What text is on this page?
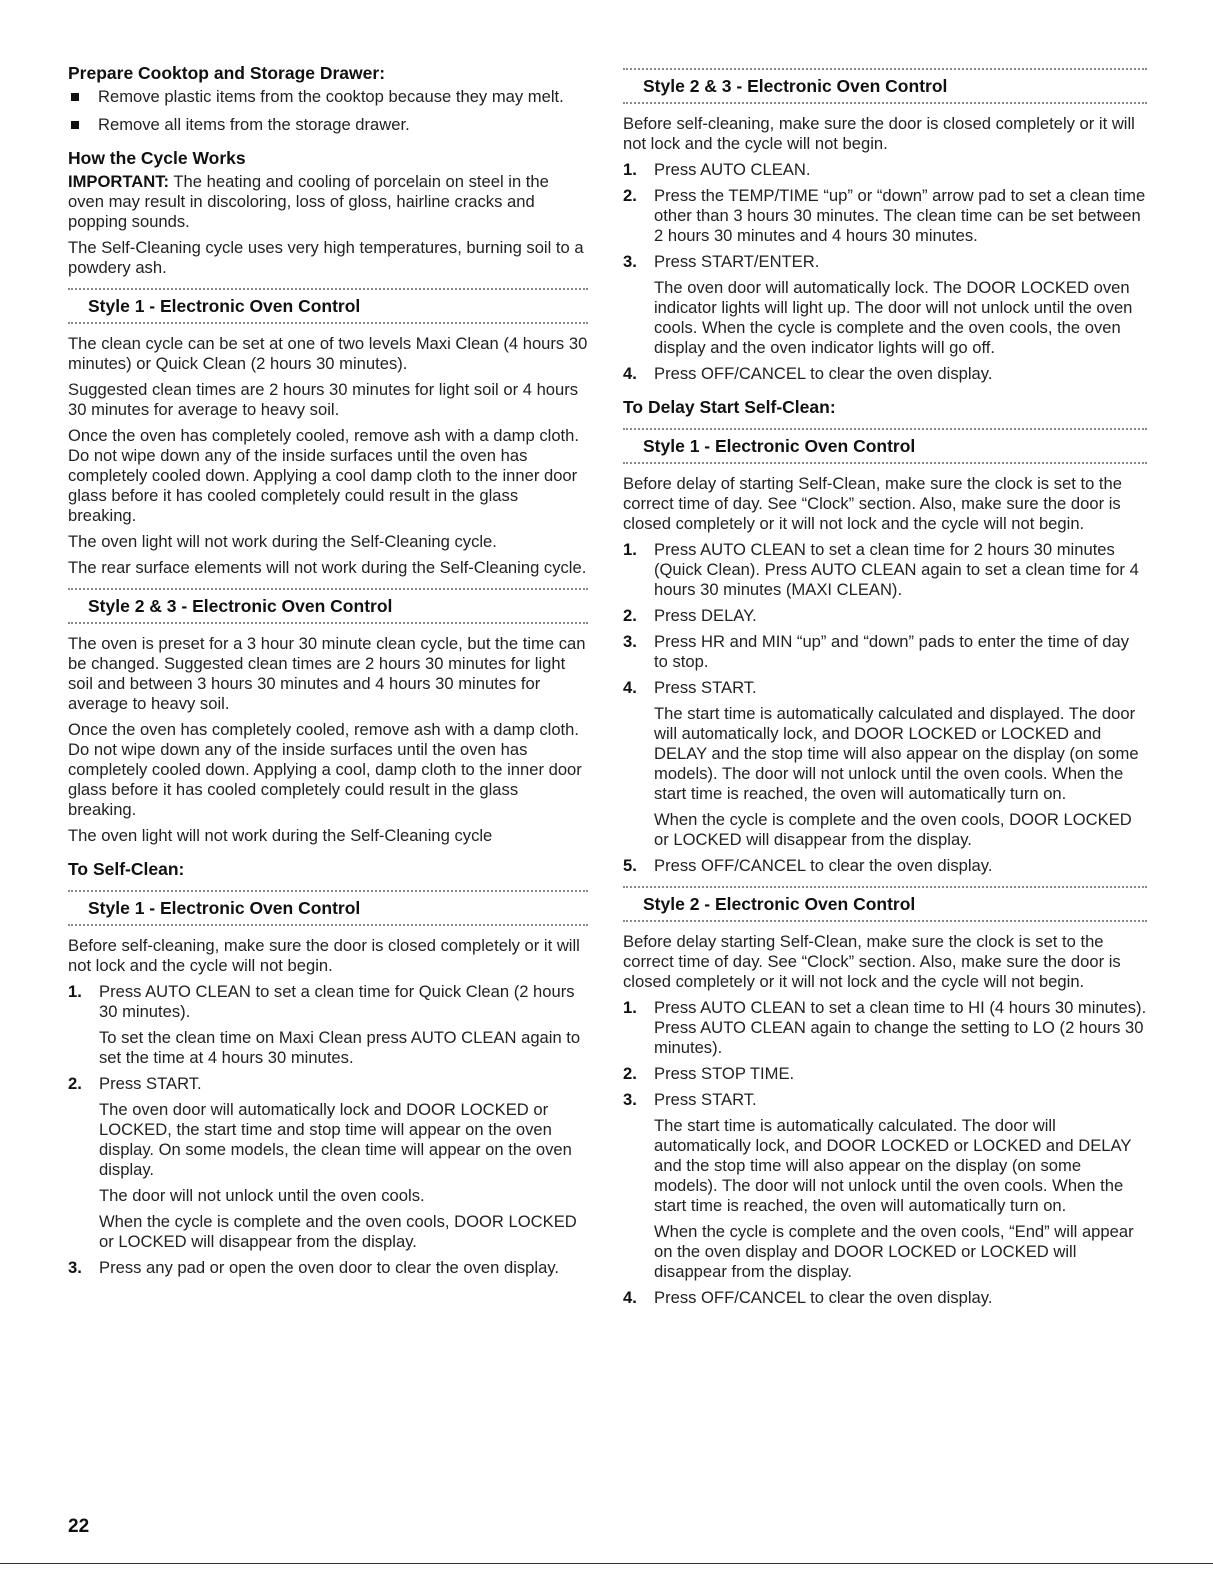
Prepare Cooktop and Storage Drawer:
Remove plastic items from the cooktop because they may melt.
Remove all items from the storage drawer.
How the Cycle Works

IMPORTANT: The heating and cooling of porcelain on steel in the oven may result in discoloring, loss of gloss, hairline cracks and popping sounds.

The Self-Cleaning cycle uses very high temperatures, burning soil to a powdery ash.

Style 1 - Electronic Oven Control

The clean cycle can be set at one of two levels Maxi Clean (4 hours 30 minutes) or Quick Clean (2 hours 30 minutes).

Suggested clean times are 2 hours 30 minutes for light soil or 4 hours 30 minutes for average to heavy soil.

Once the oven has completely cooled, remove ash with a damp cloth. Do not wipe down any of the inside surfaces until the oven has completely cooled down. Applying a cool damp cloth to the inner door glass before it has cooled completely could result in the glass breaking.

The oven light will not work during the Self-Cleaning cycle.

The rear surface elements will not work during the Self-Cleaning cycle.

Style 2 & 3 - Electronic Oven Control

The oven is preset for a 3 hour 30 minute clean cycle, but the time can be changed. Suggested clean times are 2 hours 30 minutes for light soil and between 3 hours 30 minutes and 4 hours 30 minutes for average to heavy soil.

Once the oven has completely cooled, remove ash with a damp cloth. Do not wipe down any of the inside surfaces until the oven has completely cooled down. Applying a cool, damp cloth to the inner door glass before it has cooled completely could result in the glass breaking.

The oven light will not work during the Self-Cleaning cycle

To Self-Clean:
Style 1 - Electronic Oven Control

Before self-cleaning, make sure the door is closed completely or it will not lock and the cycle will not begin.

1. Press AUTO CLEAN to set a clean time for Quick Clean (2 hours 30 minutes).
To set the clean time on Maxi Clean press AUTO CLEAN again to set the time at 4 hours 30 minutes.
2. Press START.
The oven door will automatically lock and DOOR LOCKED or LOCKED, the start time and stop time will appear on the oven display. On some models, the clean time will appear on the oven display.
The door will not unlock until the oven cools.
When the cycle is complete and the oven cools, DOOR LOCKED or LOCKED will disappear from the display.
3. Press any pad or open the oven door to clear the oven display.
Style 2 & 3 - Electronic Oven Control

Before self-cleaning, make sure the door is closed completely or it will not lock and the cycle will not begin.

1. Press AUTO CLEAN.
2. Press the TEMP/TIME “up” or “down” arrow pad to set a clean time other than 3 hours 30 minutes. The clean time can be set between 2 hours 30 minutes and 4 hours 30 minutes.
3. Press START/ENTER.
The oven door will automatically lock. The DOOR LOCKED oven indicator lights will light up. The door will not unlock until the oven cools. When the cycle is complete and the oven cools, the oven display and the oven indicator lights will go off.
4. Press OFF/CANCEL to clear the oven display.
To Delay Start Self-Clean:
Style 1 - Electronic Oven Control

Before delay of starting Self-Clean, make sure the clock is set to the correct time of day. See “Clock” section. Also, make sure the door is closed completely or it will not lock and the cycle will not begin.

1. Press AUTO CLEAN to set a clean time for 2 hours 30 minutes (Quick Clean). Press AUTO CLEAN again to set a clean time for 4 hours 30 minutes (MAXI CLEAN).
2. Press DELAY.
3. Press HR and MIN “up” and “down” pads to enter the time of day to stop.
4. Press START.
The start time is automatically calculated and displayed. The door will automatically lock, and DOOR LOCKED or LOCKED and DELAY and the stop time will also appear on the display (on some models). The door will not unlock until the oven cools. When the start time is reached, the oven will automatically turn on.
When the cycle is complete and the oven cools, DOOR LOCKED or LOCKED will disappear from the display.
5. Press OFF/CANCEL to clear the oven display.
Style 2 - Electronic Oven Control

Before delay starting Self-Clean, make sure the clock is set to the correct time of day. See “Clock” section. Also, make sure the door is closed completely or it will not lock and the cycle will not begin.

1. Press AUTO CLEAN to set a clean time to HI (4 hours 30 minutes). Press AUTO CLEAN again to change the setting to LO (2 hours 30 minutes).
2. Press STOP TIME.
3. Press START.
The start time is automatically calculated. The door will automatically lock, and DOOR LOCKED or LOCKED and DELAY and the stop time will also appear on the display (on some models). The door will not unlock until the oven cools. When the start time is reached, the oven will automatically turn on.
When the cycle is complete and the oven cools, “End” will appear on the oven display and DOOR LOCKED or LOCKED will disappear from the display.
4. Press OFF/CANCEL to clear the oven display.
22
